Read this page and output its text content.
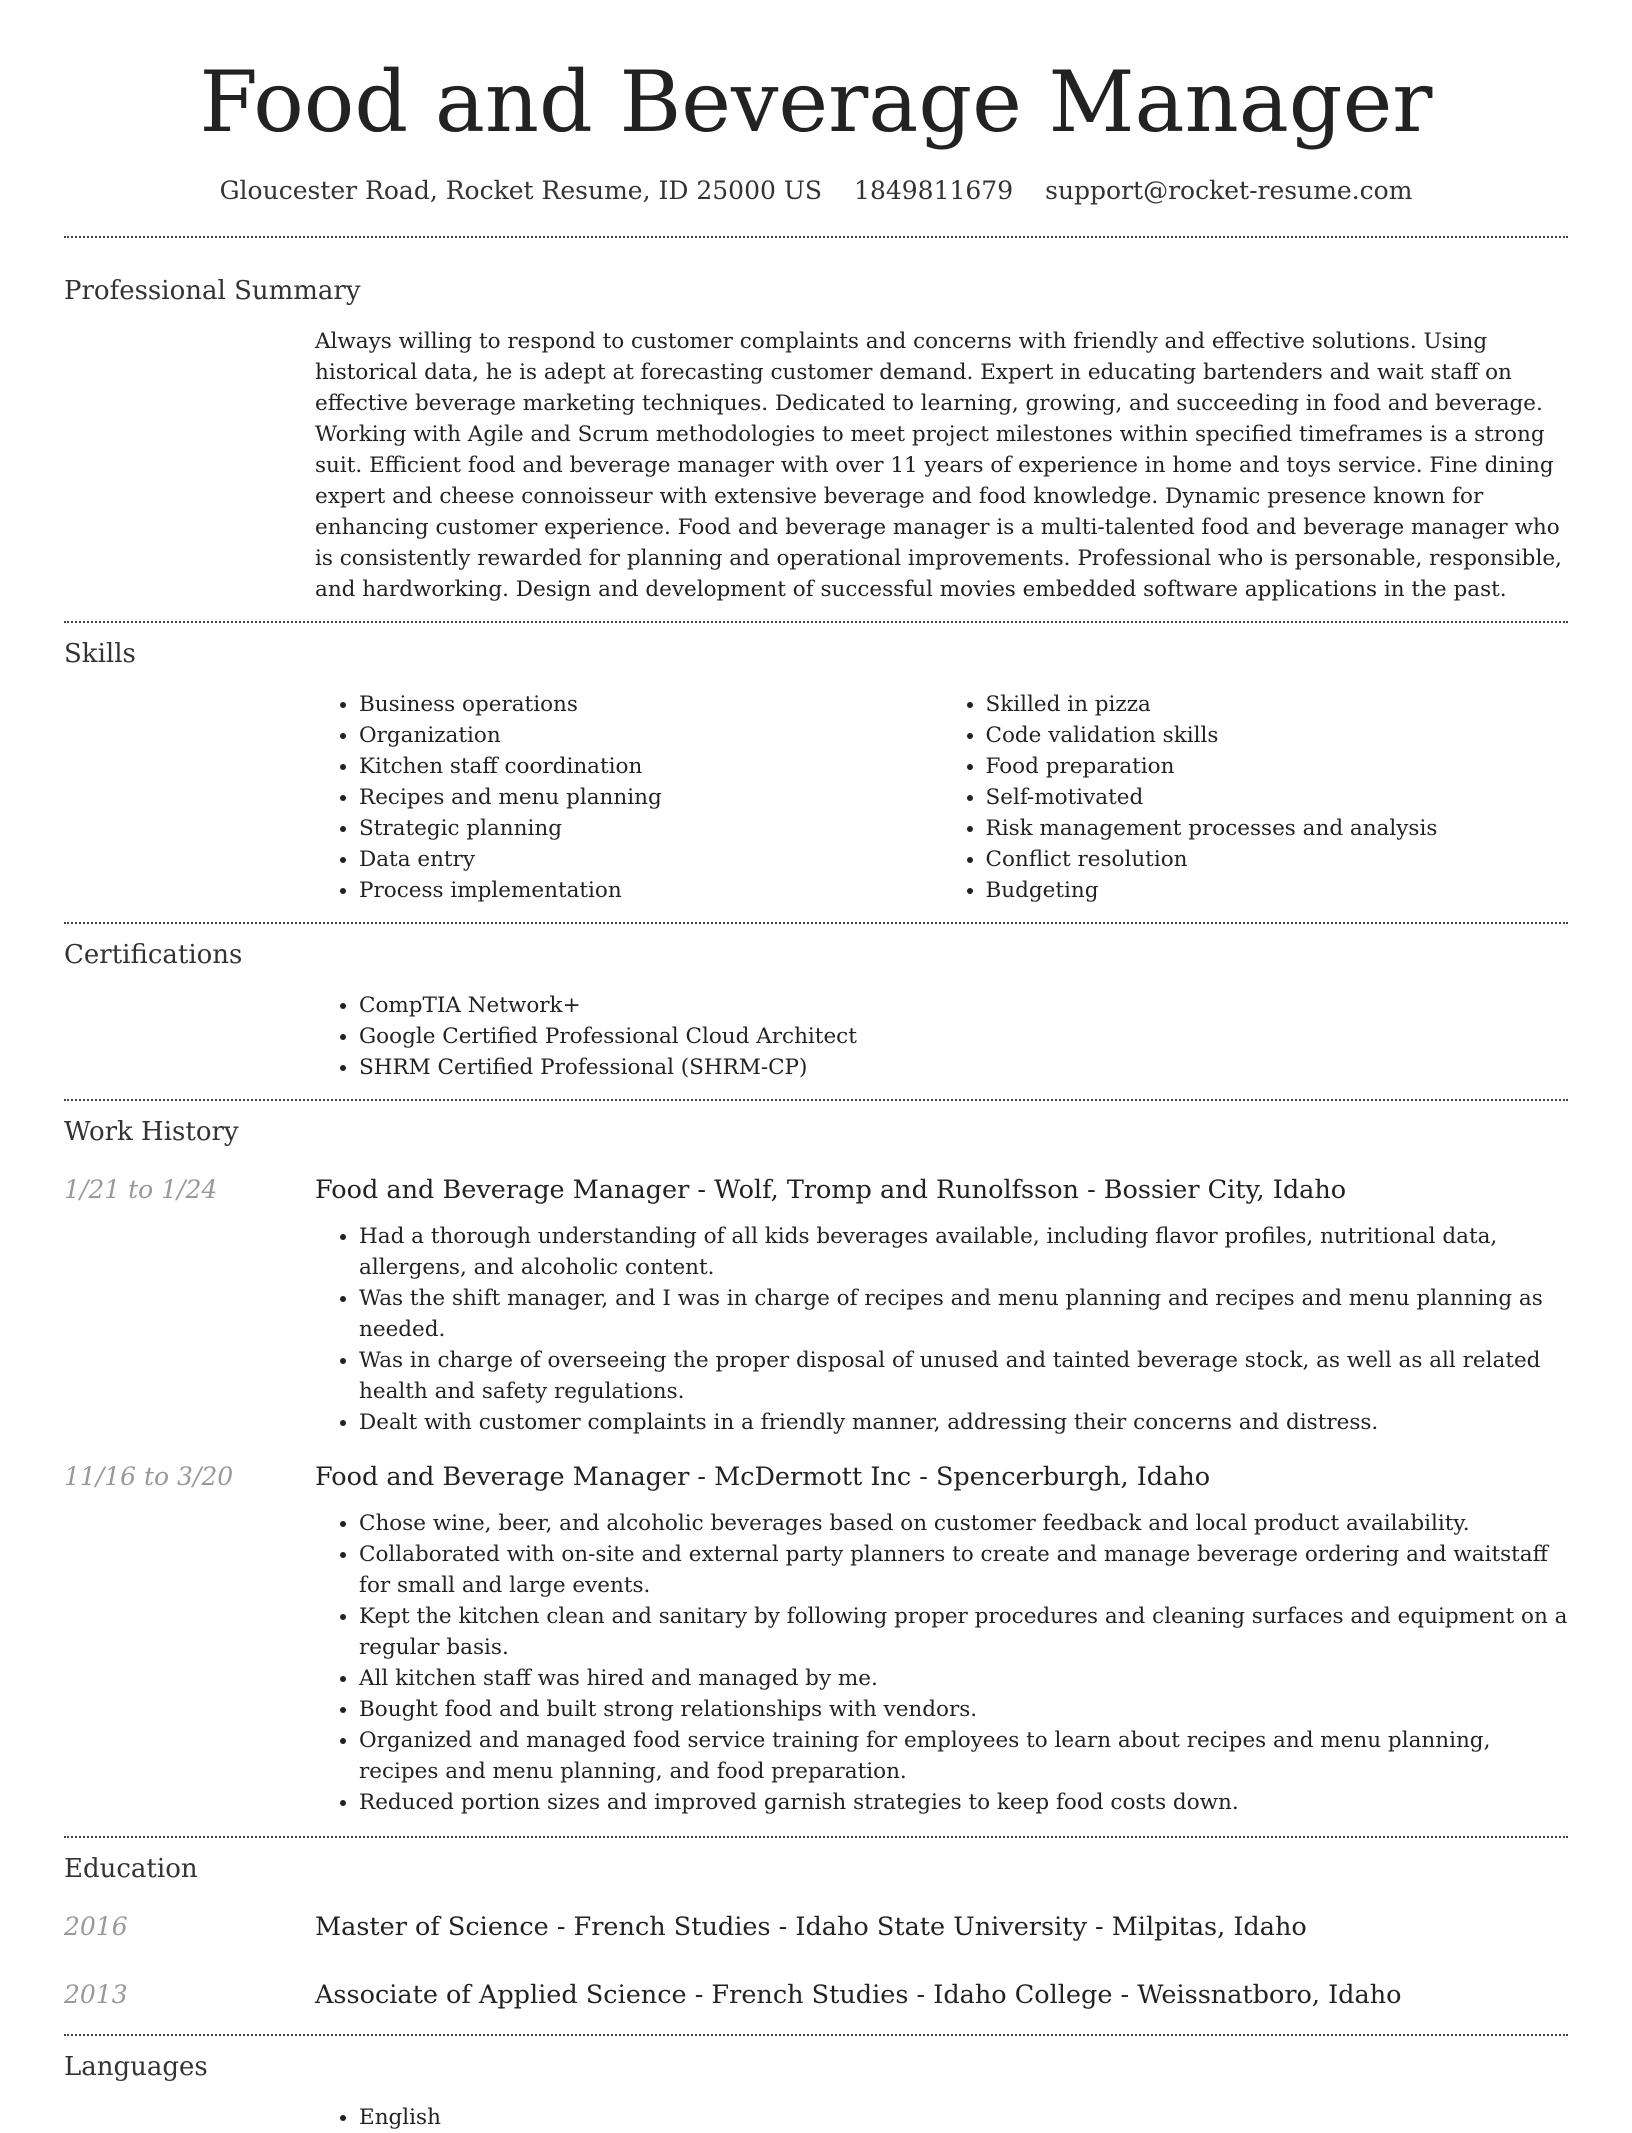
Food and Beverage Manager
Gloucester Road, Rocket Resume, ID 25000 US 1849811679 support@rocket-resume.com
Professional Summary

Always willing to respond to customer complaints and concerns with friendly and effective solutions. Using historical data, he is adept at forecasting customer demand. Expert in educating bartenders and wait staff on effective beverage marketing techniques. Dedicated to learning, growing, and succeeding in food and beverage. Working with Agile and Scrum methodologies to meet project milestones within specified timeframes is a strong suit. Efficient food and beverage manager with over 11 years of experience in home and toys service. Fine dining expert and cheese connoisseur with extensive beverage and food knowledge. Dynamic presence known for enhancing customer experience. Food and beverage manager is a multi-talented food and beverage manager who is consistently rewarded for planning and operational improvements. Professional who is personable, responsible, and hardworking. Design and development of successful movies embedded software applications in the past.

Skills
• Business operations
• Organization
• Kitchen staff coordination
• Recipes and menu planning
• Strategic planning
• Data entry
• Process implementation
• Skilled in pizza
• Code validation skills
• Food preparation
• Self-motivated
• Risk management processes and analysis
• Conflict resolution
• Budgeting
Certifications
• CompTIA Network+
• Google Certified Professional Cloud Architect
• SHRM Certified Professional (SHRM-CP)
Work History
1/21 to 1/24	Food and Beverage Manager - Wolf, Tromp and Runolfsson - Bossier City, Idaho
• Had a thorough understanding of all kids beverages available, including flavor profiles, nutritional data, allergens, and alcoholic content.
• Was the shift manager, and I was in charge of recipes and menu planning and recipes and menu planning as needed.
• Was in charge of overseeing the proper disposal of unused and tainted beverage stock, as well as all related health and safety regulations.
• Dealt with customer complaints in a friendly manner, addressing their concerns and distress.
11/16 to 3/20	Food and Beverage Manager - McDermott Inc - Spencerburgh, Idaho
• Chose wine, beer, and alcoholic beverages based on customer feedback and local product availability.
• Collaborated with on-site and external party planners to create and manage beverage ordering and waitstaff for small and large events.
• Kept the kitchen clean and sanitary by following proper procedures and cleaning surfaces and equipment on a regular basis.
• All kitchen staff was hired and managed by me.
• Bought food and built strong relationships with vendors.
• Organized and managed food service training for employees to learn about recipes and menu planning, recipes and menu planning, and food preparation.
• Reduced portion sizes and improved garnish strategies to keep food costs down.
Education
2016	Master of Science - French Studies - Idaho State University - Milpitas, Idaho
2013	Associate of Applied Science - French Studies - Idaho College - Weissnatboro, Idaho
Languages
• English
